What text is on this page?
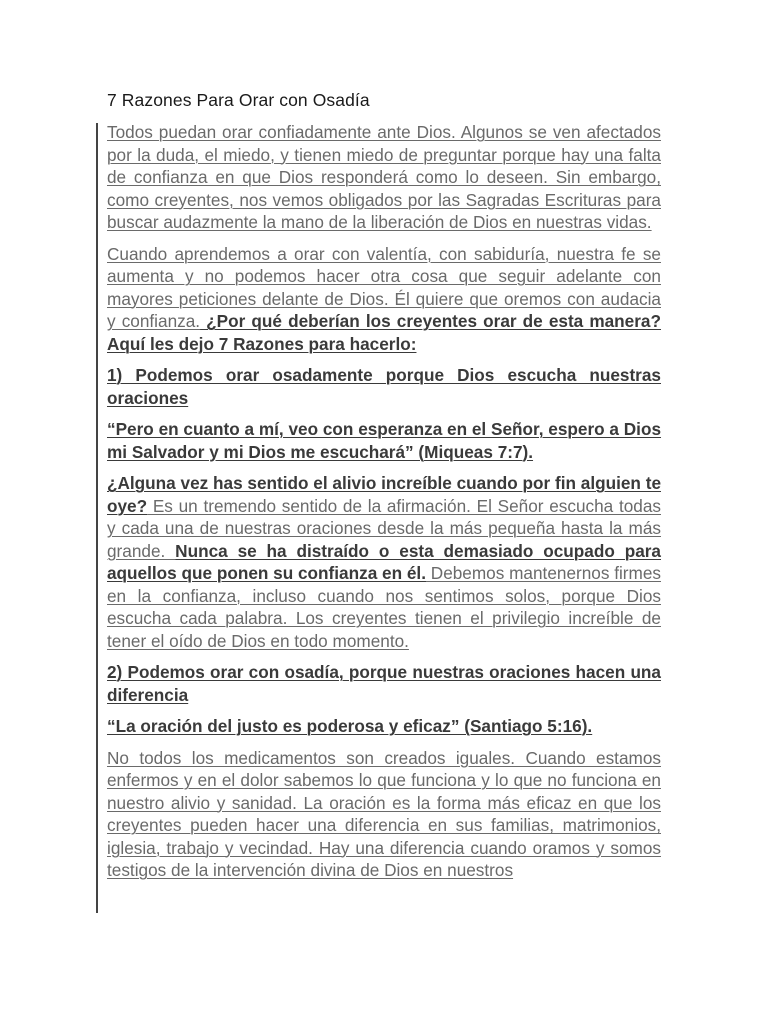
7 Razones Para Orar con Osadía

Todos puedan orar confiadamente ante Dios. Algunos se ven afectados por la duda, el miedo, y tienen miedo de preguntar porque hay una falta de confianza en que Dios responderá como lo deseen. Sin embargo, como creyentes, nos vemos obligados por las Sagradas Escrituras para buscar audazmente la mano de la liberación de Dios en nuestras vidas.

Cuando aprendemos a orar con valentía, con sabiduría, nuestra fe se aumenta y no podemos hacer otra cosa que seguir adelante con mayores peticiones delante de Dios. Él quiere que oremos con audacia y confianza. ¿Por qué deberían los creyentes orar de esta manera? Aquí les dejo 7 Razones para hacerlo:

1) Podemos orar osadamente porque Dios escucha nuestras oraciones

“Pero en cuanto a mí, veo con esperanza en el Señor, espero a Dios mi Salvador y mi Dios me escuchará” (Miqueas 7:7).

¿Alguna vez has sentido el alivio increíble cuando por fin alguien te oye? Es un tremendo sentido de la afirmación. El Señor escucha todas y cada una de nuestras oraciones desde la más pequeña hasta la más grande. Nunca se ha distraído o esta demasiado ocupado para aquellos que ponen su confianza en él. Debemos mantenernos firmes en la confianza, incluso cuando nos sentimos solos, porque Dios escucha cada palabra. Los creyentes tienen el privilegio increíble de tener el oído de Dios en todo momento.

2) Podemos orar con osadía, porque nuestras oraciones hacen una diferencia

“La oración del justo es poderosa y eficaz” (Santiago 5:16).

No todos los medicamentos son creados iguales. Cuando estamos enfermos y en el dolor sabemos lo que funciona y lo que no funciona en nuestro alivio y sanidad. La oración es la forma más eficaz en que los creyentes pueden hacer una diferencia en sus familias, matrimonios, iglesia, trabajo y vecindad. Hay una diferencia cuando oramos y somos testigos de la intervención divina de Dios en nuestros
